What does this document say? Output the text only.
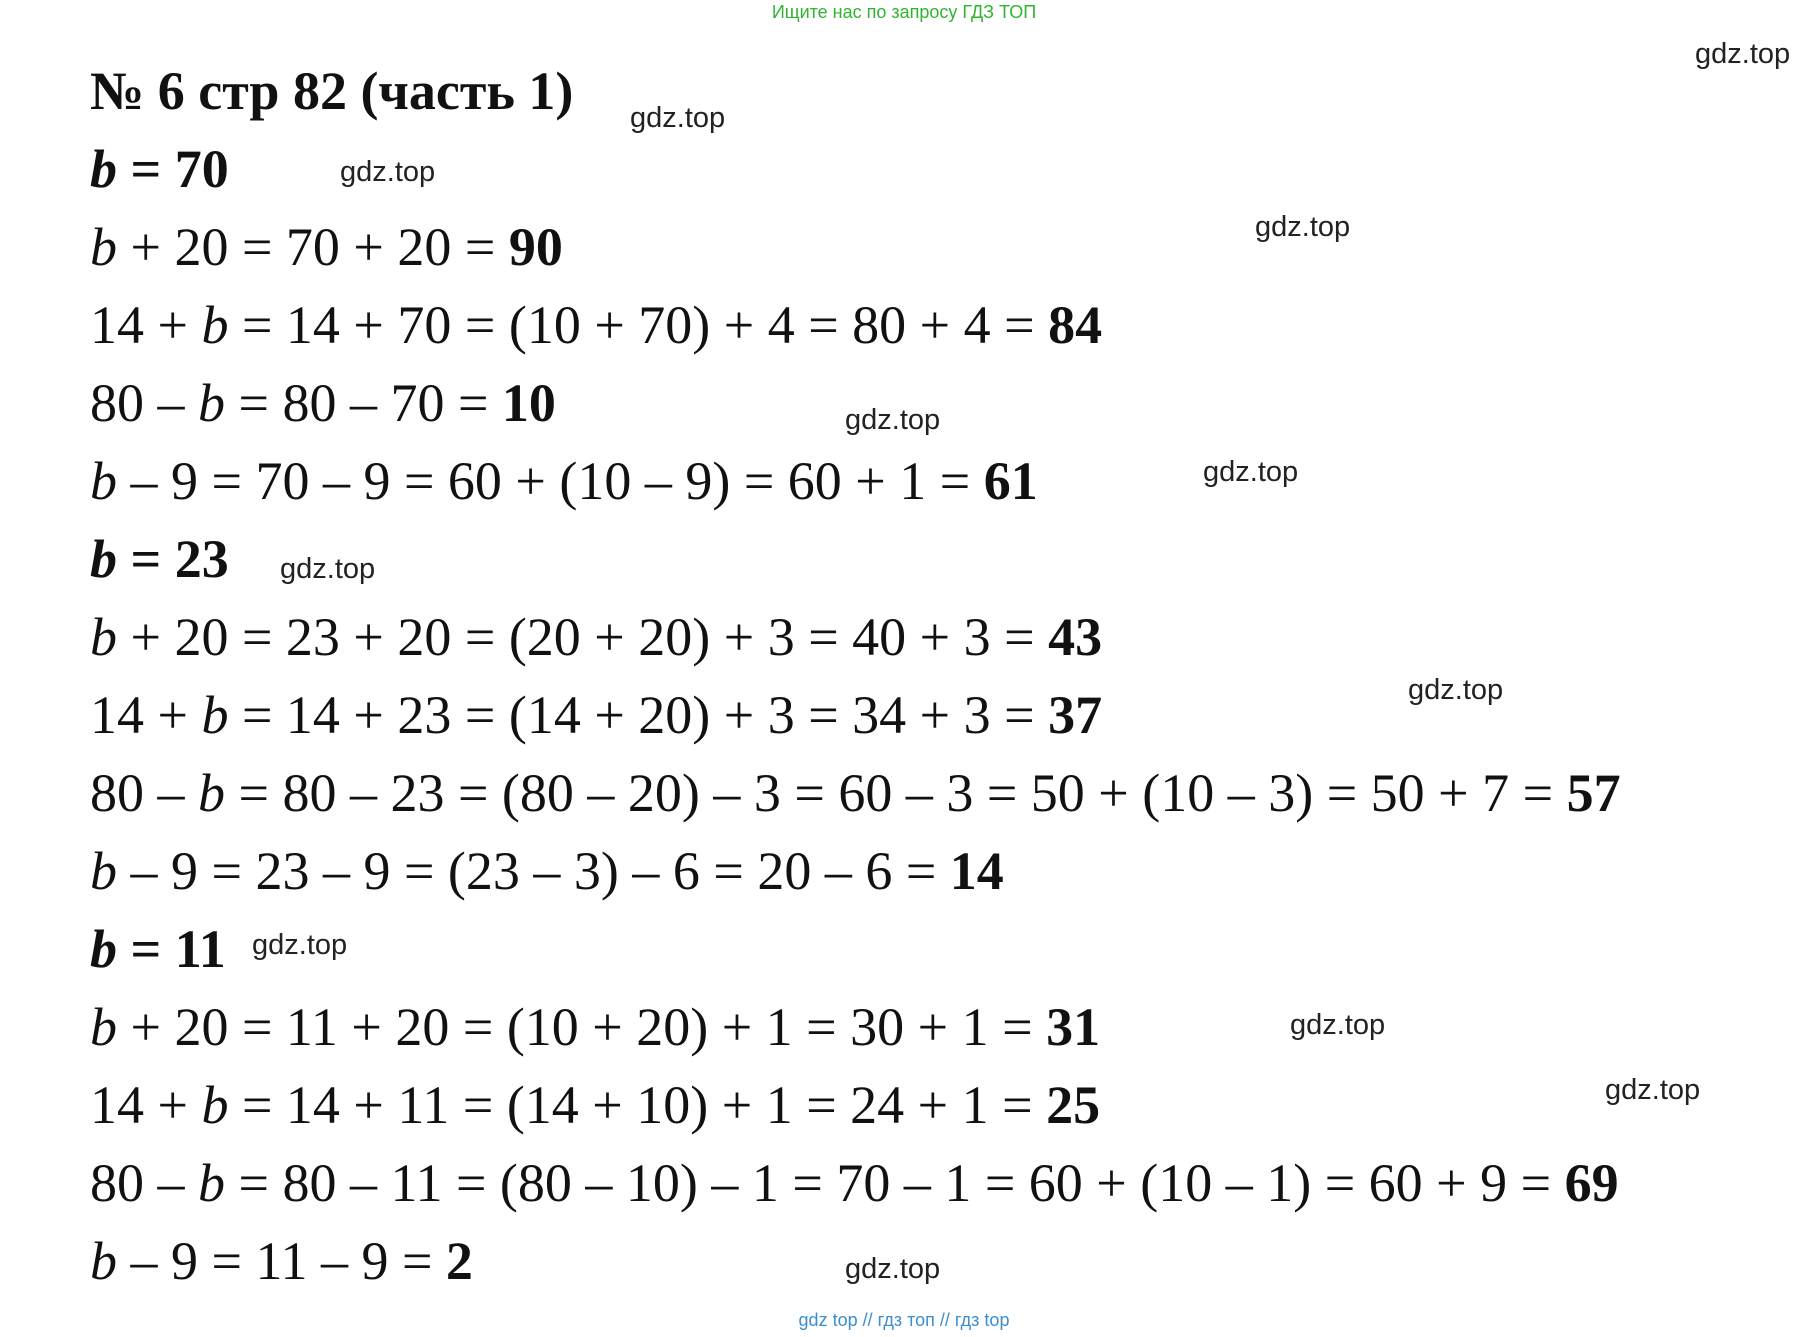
Ищите нас по запросу ГДЗ ТОП
№ 6 стр 82 (часть 1)
b = 70
b + 20 = 70 + 20 = 90
14 + b = 14 + 70 = (10 + 70) + 4 = 80 + 4 = 84
80 – b = 80 – 70 = 10
b – 9 = 70 – 9 = 60 + (10 – 9) = 60 + 1 = 61
b = 23
b + 20 = 23 + 20 = (20 + 20) + 3 = 40 + 3 = 43
14 + b = 14 + 23 = (14 + 20) + 3 = 34 + 3 = 37
80 – b = 80 – 23 = (80 – 20) – 3 = 60 – 3 = 50 + (10 – 3) = 50 + 7 = 57
b – 9 = 23 – 9 = (23 – 3) – 6 = 20 – 6 = 14
b = 11
b + 20 = 11 + 20 = (10 + 20) + 1 = 30 + 1 = 31
14 + b = 14 + 11 = (14 + 10) + 1 = 24 + 1 = 25
80 – b = 80 – 11 = (80 – 10) – 1 = 70 – 1 = 60 + (10 – 1) = 60 + 9 = 69
b – 9 = 11 – 9 = 2
gdz.top
gdz.top
gdz.top
gdz.top
gdz.top
gdz.top
gdz.top
gdz.top
gdz.top
gdz.top
gdz.top
gdz.top
gdz top // гдз топ // гдз top
